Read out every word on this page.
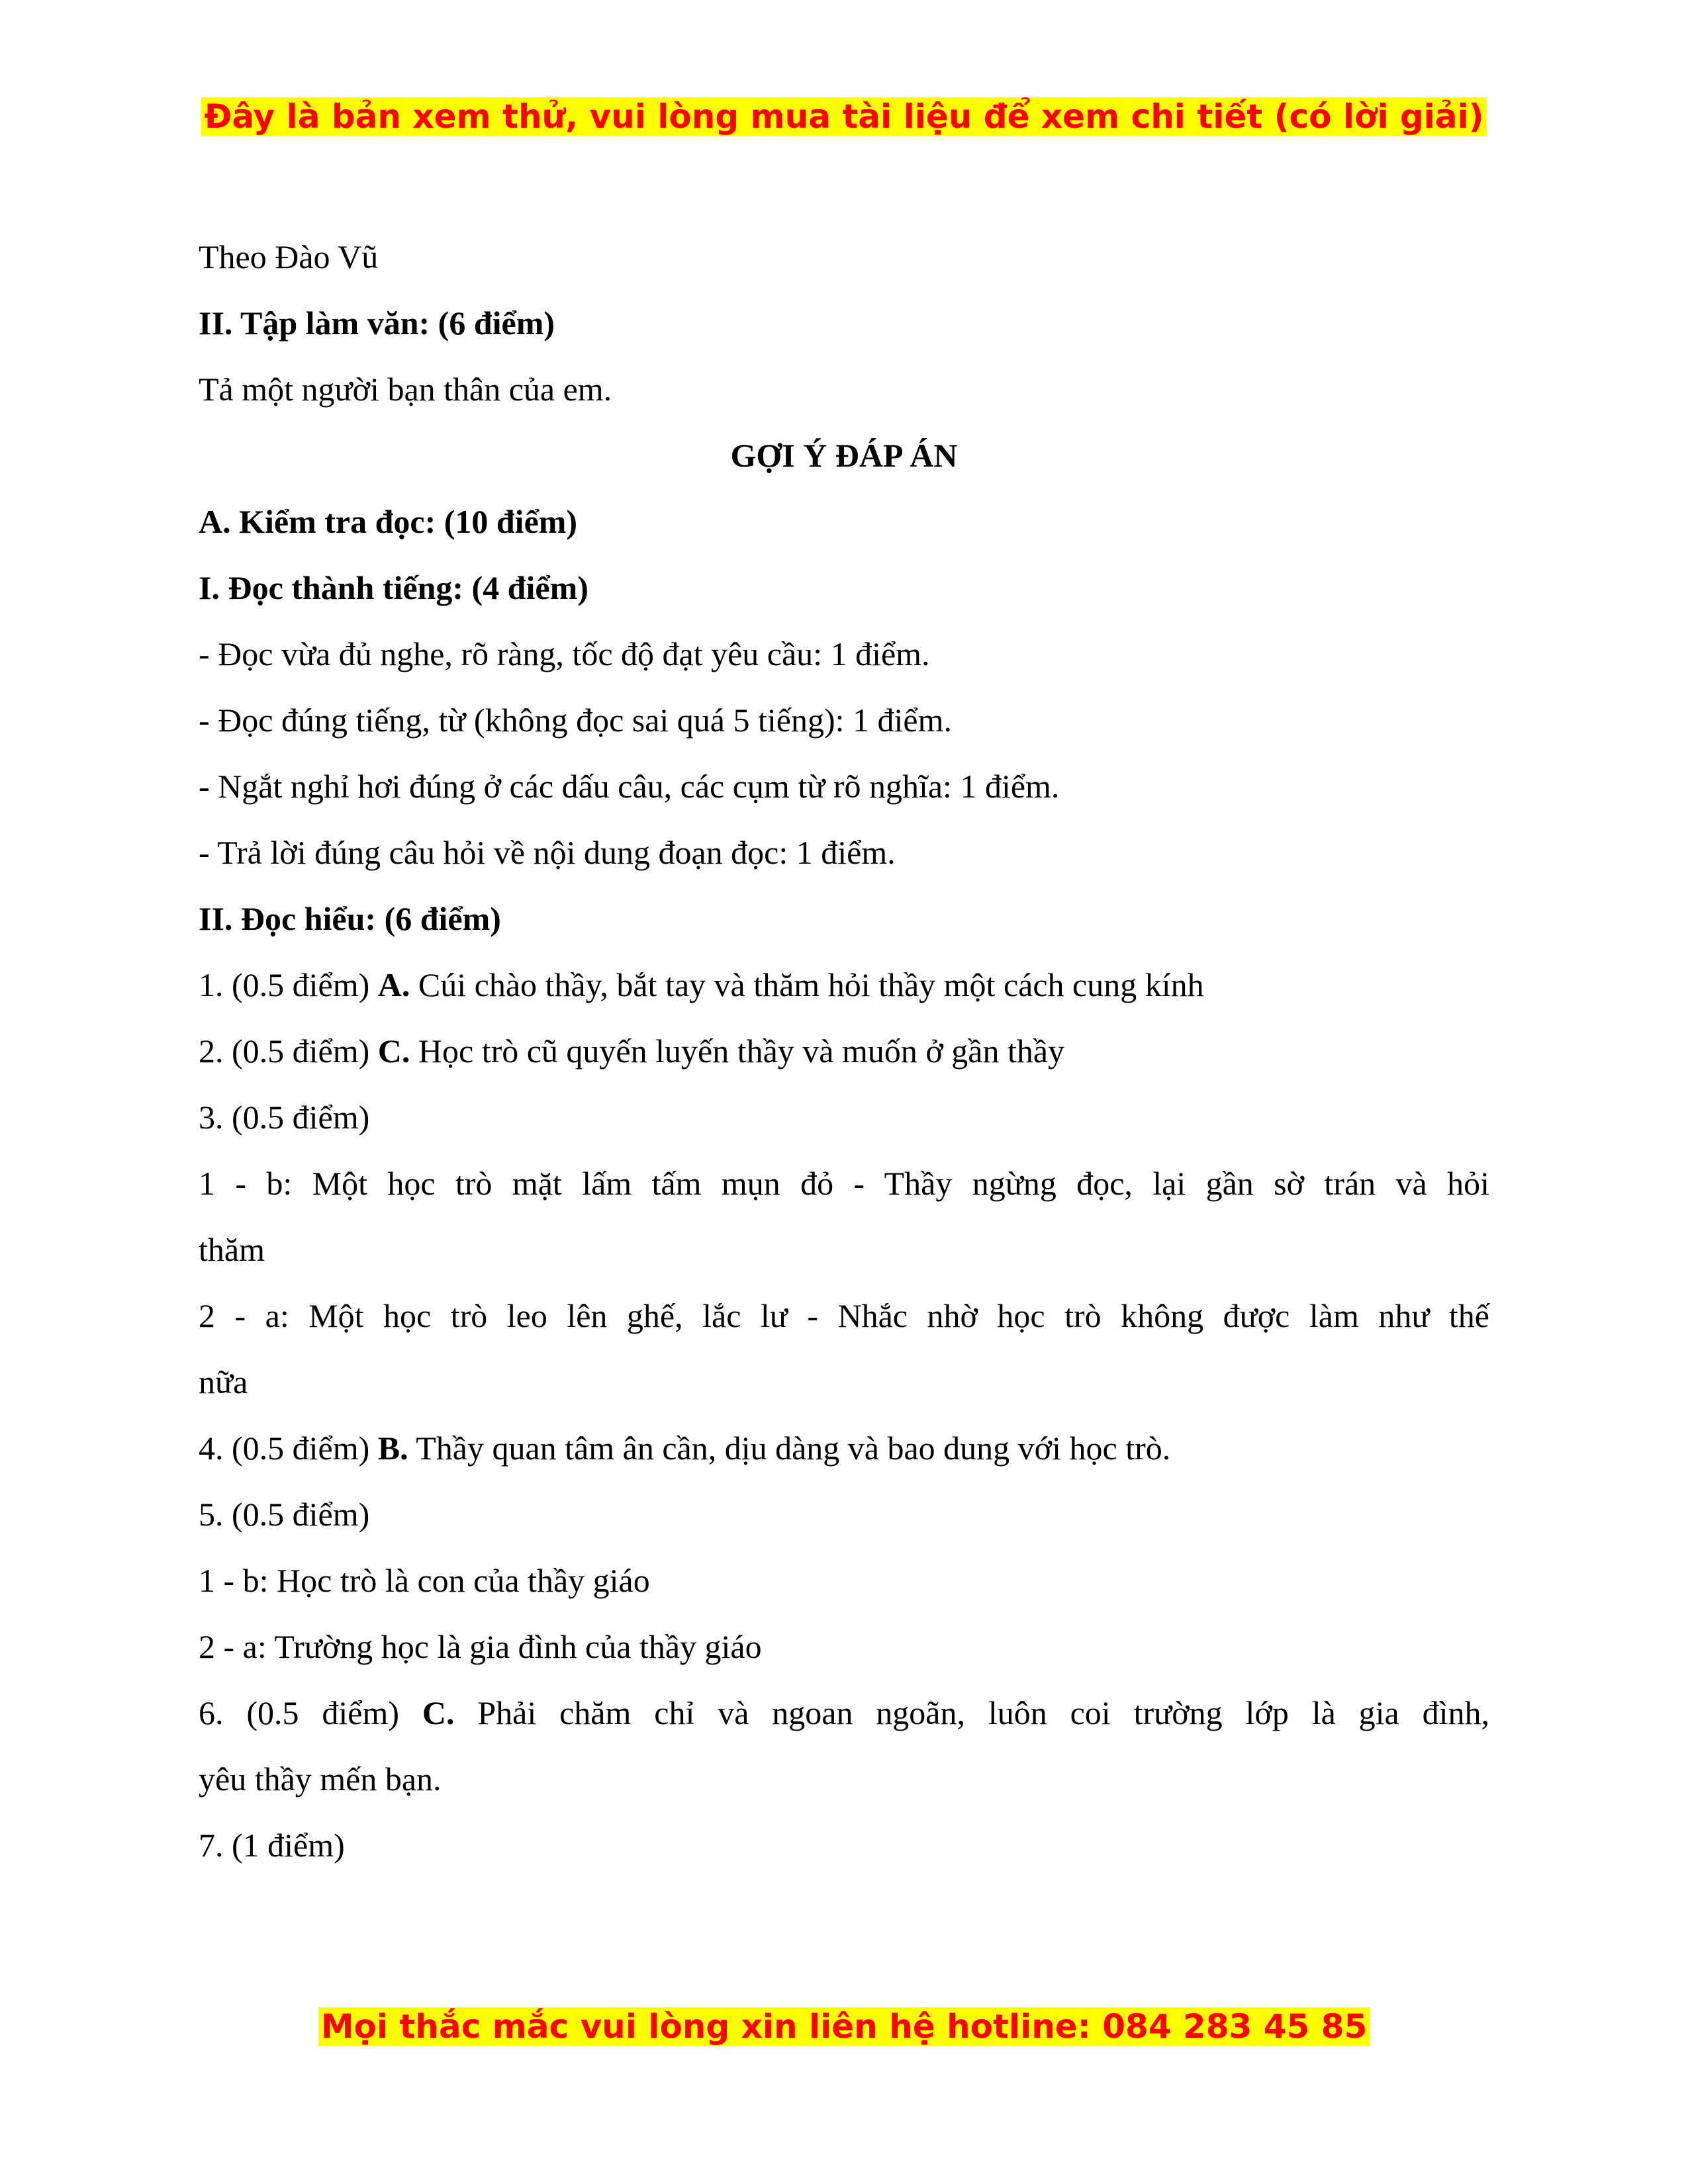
Đây là bản xem thử, vui lòng mua tài liệu để xem chi tiết (có lời giải)
Theo Đào Vũ
II. Tập làm văn: (6 điểm)
Tả một người bạn thân của em.
GỢI Ý ĐÁP ÁN
A. Kiểm tra đọc: (10 điểm)
I. Đọc thành tiếng: (4 điểm)
- Đọc vừa đủ nghe, rõ ràng, tốc độ đạt yêu cầu: 1 điểm.
- Đọc đúng tiếng, từ (không đọc sai quá 5 tiếng): 1 điểm.
- Ngắt nghỉ hơi đúng ở các dấu câu, các cụm từ rõ nghĩa: 1 điểm.
- Trả lời đúng câu hỏi về nội dung đoạn đọc: 1 điểm.
II. Đọc hiểu: (6 điểm)
1. (0.5 điểm) A. Cúi chào thầy, bắt tay và thăm hỏi thầy một cách cung kính
2. (0.5 điểm) C. Học trò cũ quyến luyến thầy và muốn ở gần thầy
3. (0.5 điểm)
1 - b: Một học trò mặt lấm tấm mụn đỏ - Thầy ngừng đọc, lại gần sờ trán và hỏi
thăm
2 - a: Một học trò leo lên ghế, lắc lư - Nhắc nhờ học trò không được làm như thế
nữa
4. (0.5 điểm) B. Thầy quan tâm ân cần, dịu dàng và bao dung với học trò.
5. (0.5 điểm)
1 - b: Học trò là con của thầy giáo
2 - a: Trường học là gia đình của thầy giáo
6. (0.5 điểm) C. Phải chăm chỉ và ngoan ngoãn, luôn coi trường lớp là gia đình,
yêu thầy mến bạn.
7. (1 điểm)
Mọi thắc mắc vui lòng xin liên hệ hotline: 084 283 45 85
